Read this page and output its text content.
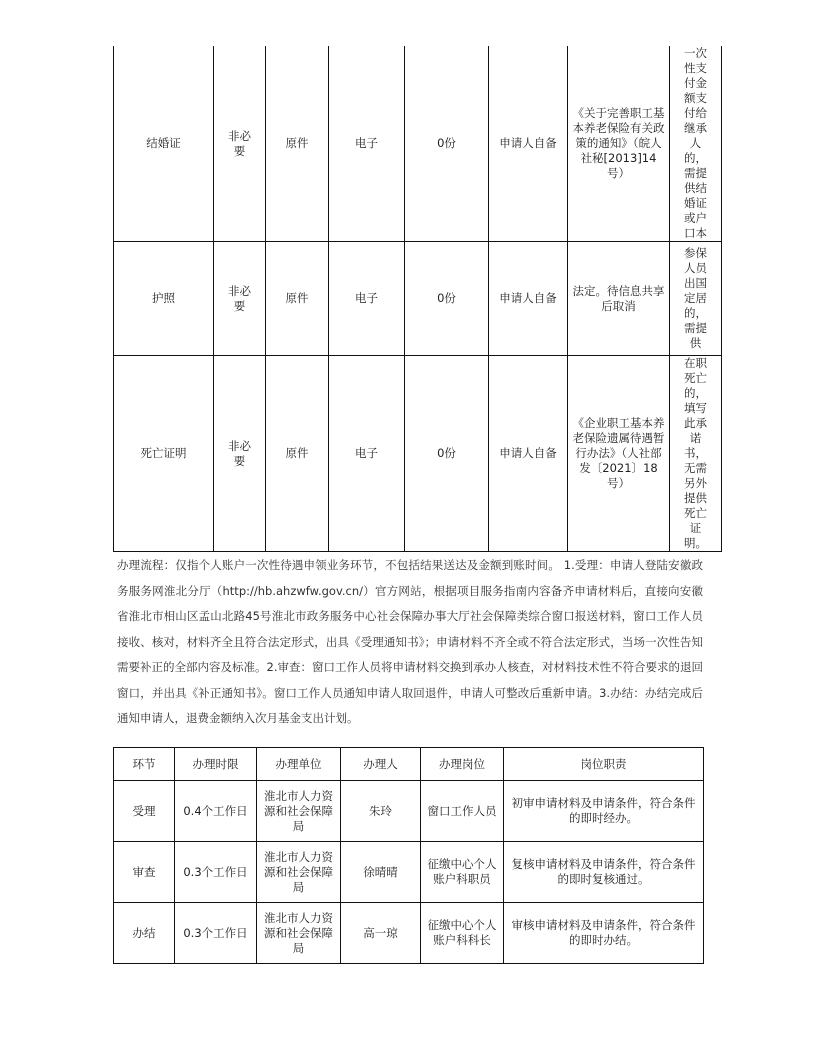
结婚证	非必要	原件	电子	0份	申请人自备	《关于完善职工基本养老保险有关政策的通知》（皖人社秘[2013]14号）	一次性支付金额支付给继承人的，需提供结婚证或户口本
护照	非必要	原件	电子	0份	申请人自备	法定。待信息共享后取消	参保人员出国定居的，需提供
死亡证明	非必要	原件	电子	0份	申请人自备	《企业职工基本养老保险遗属待遇暂行办法》（人社部发〔2021〕18号）	在职死亡的，填写此承诺书，无需另外提供死亡证明。
办理流程：仅指个人账户一次性待遇申领业务环节，不包括结果送达及金额到账时间。 1.受理：申请人登陆安徽政务服务网淮北分厅（http://hb.ahzwfw.gov.cn/）官方网站，根据项目服务指南内容备齐申请材料后，直接向安徽省淮北市相山区孟山北路45号淮北市政务服务中心社会保障办事大厅社会保障类综合窗口报送材料，窗口工作人员接收、核对，材料齐全且符合法定形式，出具《受理通知书》；申请材料不齐全或不符合法定形式，当场一次性告知需要补正的全部内容及标准。2.审查：窗口工作人员将申请材料交换到承办人核查，对材料技术性不符合要求的退回窗口，并出具《补正通知书》。窗口工作人员通知申请人取回退件，申请人可整改后重新申请。3.办结：办结完成后通知申请人，退费金额纳入次月基金支出计划。
环节	办理时限	办理单位	办理人	办理岗位	岗位职责
受理	0.4个工作日	淮北市人力资源和社会保障局	朱玲	窗口工作人员	初审申请材料及申请条件，符合条件的即时经办。
审查	0.3个工作日	淮北市人力资源和社会保障局	徐晴晴	征缴中心个人账户科职员	复核申请材料及申请条件，符合条件的即时复核通过。
办结	0.3个工作日	淮北市人力资源和社会保障局	高一琼	征缴中心个人账户科科长	审核申请材料及申请条件，符合条件的即时办结。
